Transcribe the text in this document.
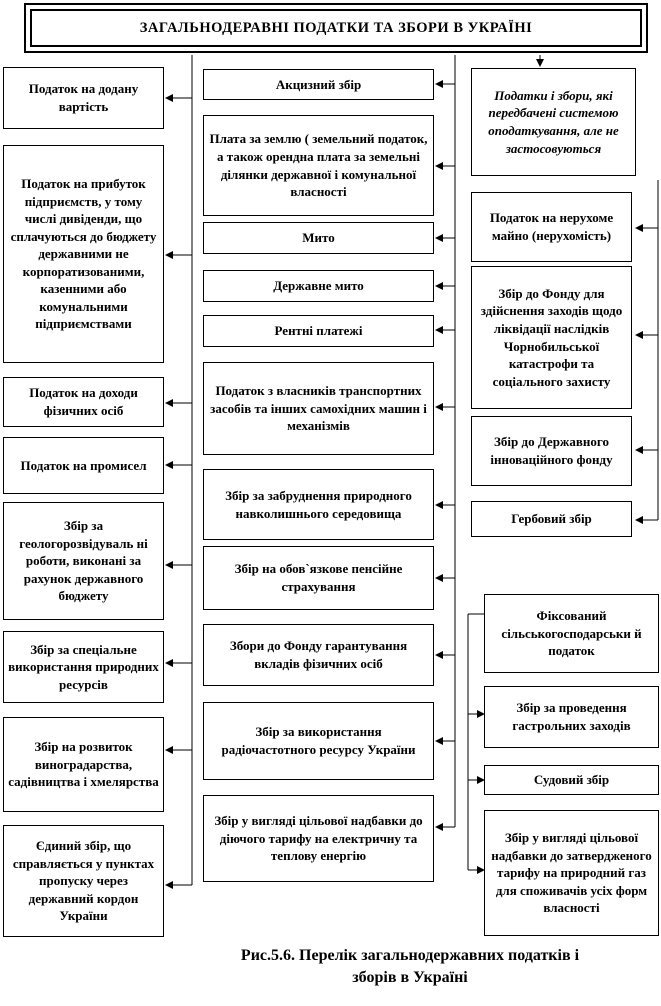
ЗАГАЛЬНОДЕРАВНІ ПОДАТКИ ТА ЗБОРИ В УКРАЇНІ
Податок на додану вартість
Податок на прибуток підприємств, у тому числі дивіденди, що сплачуються до бюджету державними не корпоратизованими, казенними або комунальними підприємствами
Податок на доходи фізичних осіб
Податок на промисел
Збір за геологорозвідуваль ні роботи, виконані за рахунок державного бюджету
Збір за спеціальне використання природних ресурсів
Збір на розвиток виноградарства, садівництва і хмелярства
Єдиний збір, що справляється у пунктах пропуску через державний кордон України
Акцизний збір
Плата за землю ( земельний податок, а також орендна плата за земельні ділянки державної і комунальної власності
Мито
Державне мито
Рентні платежі
Податок з власників транспортних засобів та інших самохідних машин і механізмів
Збір за забруднення природного навколишнього середовища
Збір на обов`язкове пенсійне страхування
Збори до Фонду гарантування вкладів фізичних осіб
Збір за використання радіочастотного ресурсу України
Збір у вигляді цільової надбавки до діючого тарифу на електричну та теплову енергію
Податки і збори, які передбачені системою оподаткування, але не застосовуються
Податок на нерухоме майно (нерухомість)
Збір до Фонду для здійснення заходів щодо ліквідації наслідків Чорнобильської катастрофи та соціального захисту
Збір до Державного інноваційного фонду
Гербовий збір
Фіксований сільськогосподарськи й податок
Збір за проведення гастрольних заходів
Судовий збір
Збір у вигляді цільової надбавки до затвердженого тарифу на природний газ для споживачів усіх форм власності
Рис.5.6. Перелік загальнодержавних податків і
зборів в Україні
